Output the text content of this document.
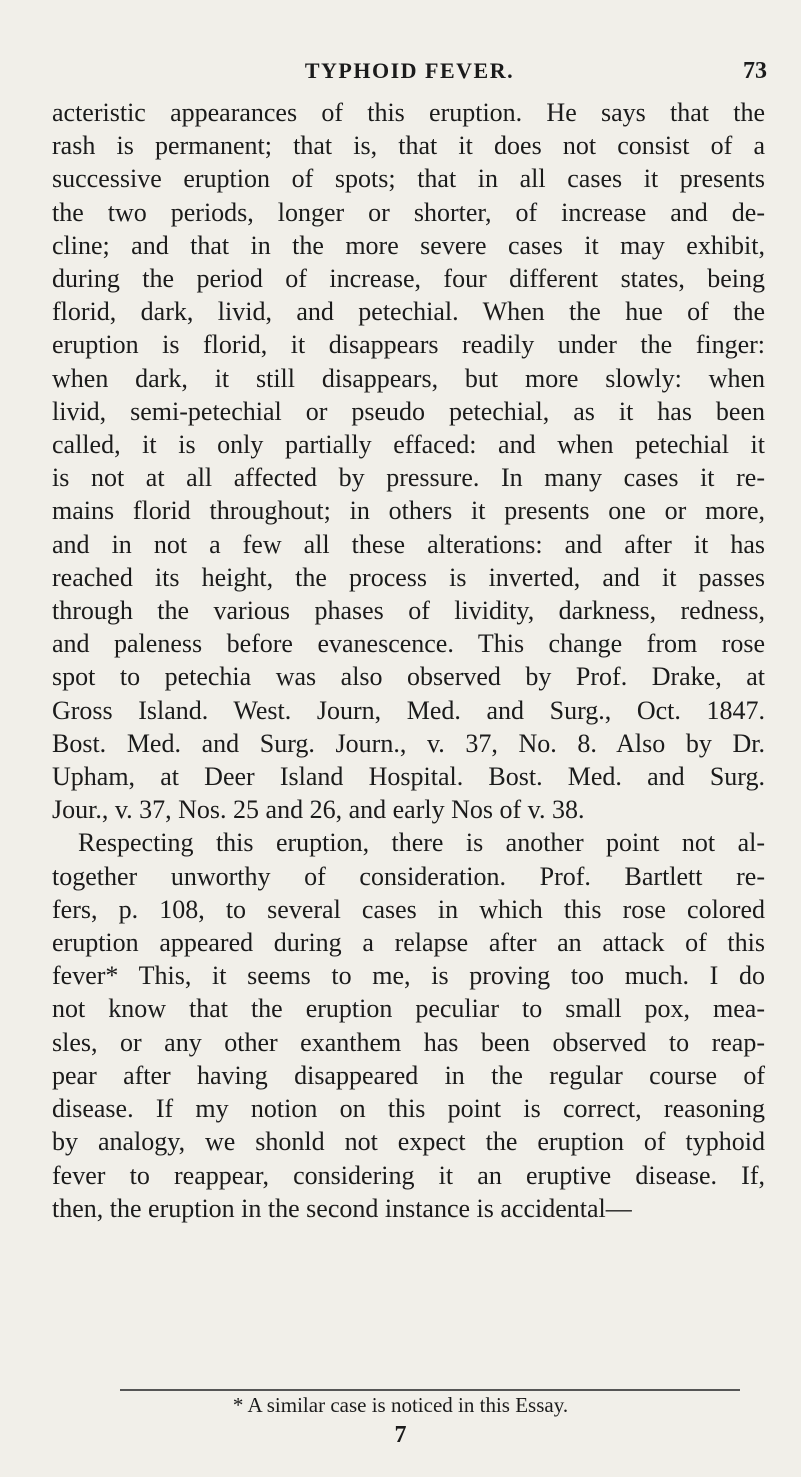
TYPHOID FEVER.	73
acteristic appearances of this eruption. He says that the
rash is permanent; that is, that it does not consist of a
successive eruption of spots; that in all cases it presents
the two periods, longer or shorter, of increase and de-
cline; and that in the more severe cases it may exhibit,
during the period of increase, four different states, being
florid, dark, livid, and petechial. When the hue of the
eruption is florid, it disappears readily under the finger:
when dark, it still disappears, but more slowly: when
livid, semi-petechial or pseudo petechial, as it has been
called, it is only partially effaced: and when petechial it
is not at all affected by pressure. In many cases it re-
mains florid throughout; in others it presents one or more,
and in not a few all these alterations: and after it has
reached its height, the process is inverted, and it passes
through the various phases of lividity, darkness, redness,
and paleness before evanescence. This change from rose
spot to petechia was also observed by Prof. Drake, at
Gross Island. West. Journ, Med. and Surg., Oct. 1847.
Bost. Med. and Surg. Journ., v. 37, No. 8. Also by Dr.
Upham, at Deer Island Hospital. Bost. Med. and Surg.
Jour., v. 37, Nos. 25 and 26, and early Nos of v. 38.
Respecting this eruption, there is another point not al-
together unworthy of consideration. Prof. Bartlett re-
fers, p. 108, to several cases in which this rose colored
eruption appeared during a relapse after an attack of this
fever* This, it seems to me, is proving too much. I do
not know that the eruption peculiar to small pox, mea-
sles, or any other exanthem has been observed to reap-
pear after having disappeared in the regular course of
disease. If my notion on this point is correct, reasoning
by analogy, we shonld not expect the eruption of typhoid
fever to reappear, considering it an eruptive disease. If,
then, the eruption in the second instance is accidental—
* A similar case is noticed in this Essay.
7
